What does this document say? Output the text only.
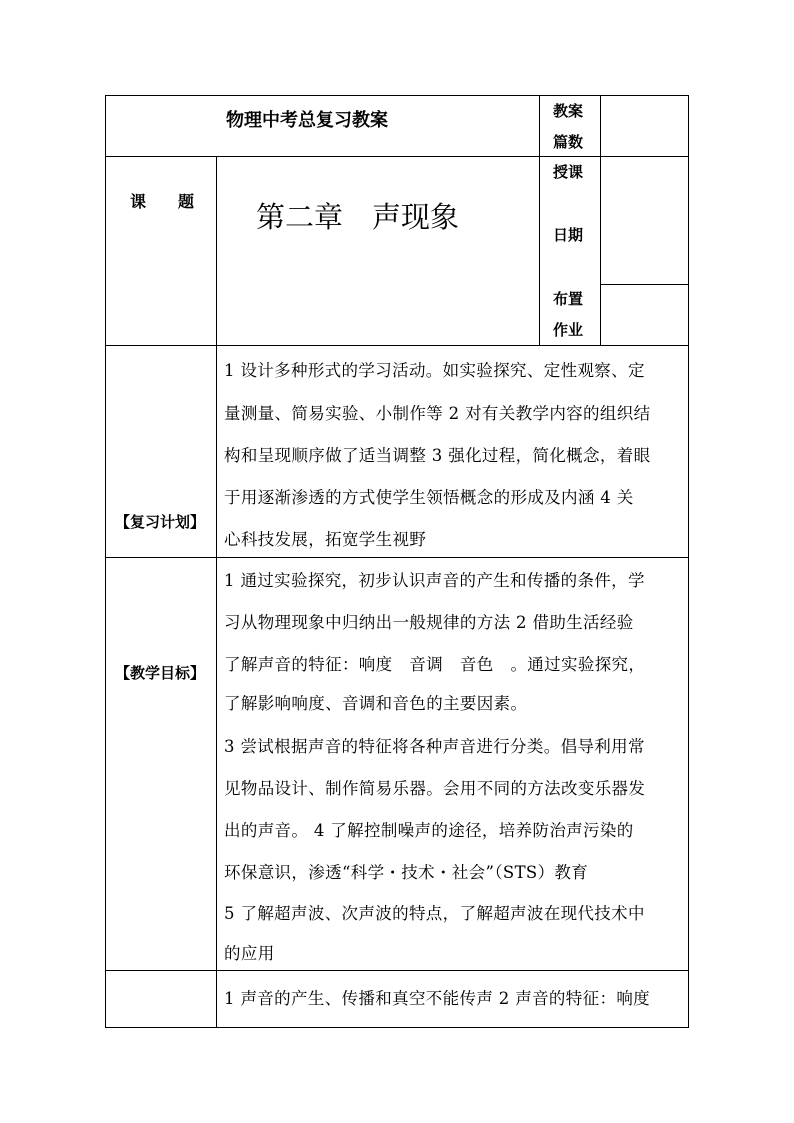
物理中考总复习教案	教案
篇数
课　　题 第二章　声现象
授课
日期
布置
作业
【复习计划】
1 设计多种形式的学习活动。如实验探究、定性观察、定
量测量、简易实验、小制作等 2 对有关教学内容的组织结
构和呈现顺序做了适当调整 3 强化过程，简化概念，着眼
于用逐渐渗透的方式使学生领悟概念的形成及内涵 4 关
心科技发展，拓宽学生视野
【教学目标】
1 通过实验探究，初步认识声音的产生和传播的条件，学
习从物理现象中归纳出一般规律的方法 2 借助生活经验
了解声音的特征：响度　音调　音色　。通过实验探究，
了解影响响度、音调和音色的主要因素。
3 尝试根据声音的特征将各种声音进行分类。倡导利用常
见物品设计、制作简易乐器。会用不同的方法改变乐器发
出的声音。 4 了解控制噪声的途径，培养防治声污染的
环保意识，渗透“科学・技术・社会”（STS）教育
5 了解超声波、次声波的特点，了解超声波在现代技术中
的应用
1 声音的产生、传播和真空不能传声 2 声音的特征：响度
